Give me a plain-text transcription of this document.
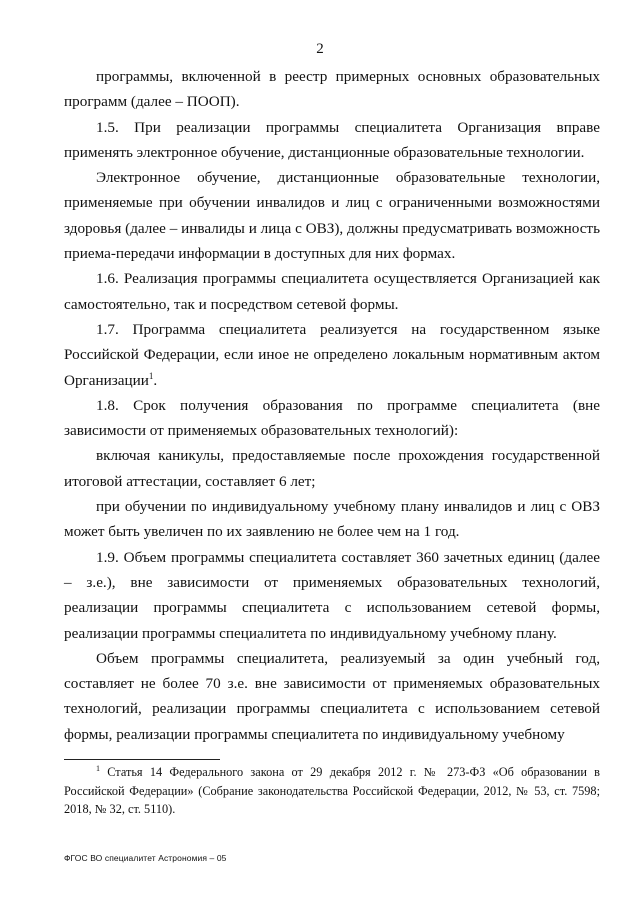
2

программы, включенной в реестр примерных основных образовательных программ (далее – ПООП).

1.5. При реализации программы специалитета Организация вправе применять электронное обучение, дистанционные образовательные технологии.

Электронное обучение, дистанционные образовательные технологии, применяемые при обучении инвалидов и лиц с ограниченными возможностями здоровья (далее – инвалиды и лица с ОВЗ), должны предусматривать возможность приема-передачи информации в доступных для них формах.

1.6. Реализация программы специалитета осуществляется Организацией как самостоятельно, так и посредством сетевой формы.

1.7. Программа специалитета реализуется на государственном языке Российской Федерации, если иное не определено локальным нормативным актом Организации$^1$.

1.8. Срок получения образования по программе специалитета (вне зависимости от применяемых образовательных технологий):

включая каникулы, предоставляемые после прохождения государственной итоговой аттестации, составляет 6 лет;

при обучении по индивидуальному учебному плану инвалидов и лиц с ОВЗ может быть увеличен по их заявлению не более чем на 1 год.

1.9. Объем программы специалитета составляет 360 зачетных единиц (далее – з.е.), вне зависимости от применяемых образовательных технологий, реализации программы специалитета с использованием сетевой формы, реализации программы специалитета по индивидуальному учебному плану.

Объем программы специалитета, реализуемый за один учебный год, составляет не более 70 з.е. вне зависимости от применяемых образовательных технологий, реализации программы специалитета с использованием сетевой формы, реализации программы специалитета по индивидуальному учебному

$^1$ Статья 14 Федерального закона от 29 декабря 2012 г. № 273-ФЗ «Об образовании в Российской Федерации» (Собрание законодательства Российской Федерации, 2012, № 53, ст. 7598; 2018, № 32, ст. 5110).

ФГОС ВО специалитет Астрономия – 05
